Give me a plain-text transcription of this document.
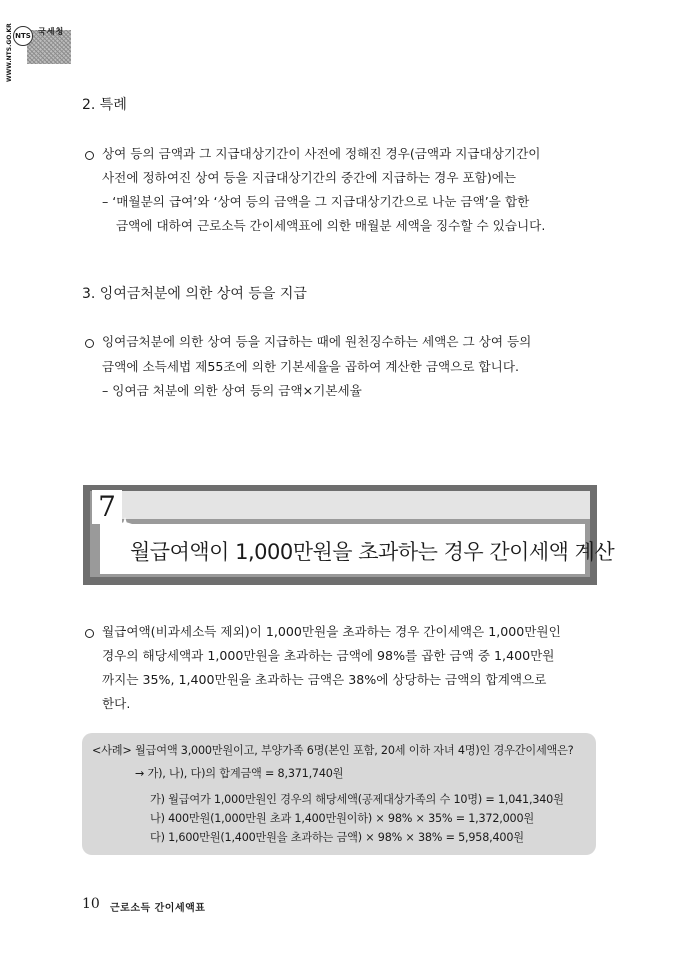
NTS 국세청
WWW.NTS.GO.KR
2. 특례
상여 등의 금액과 그 지급대상기간이 사전에 정해진 경우(금액과 지급대상기간이
사전에 정하여진 상여 등을 지급대상기간의 중간에 지급하는 경우 포함)에는
– ‘매월분의 급여’와 ‘상여 등의 금액을 그 지급대상기간으로 나눈 금액’을 합한
금액에 대하여 근로소득 간이세액표에 의한 매월분 세액을 징수할 수 있습니다.
3. 잉여금처분에 의한 상여 등을 지급
잉여금처분에 의한 상여 등을 지급하는 때에 원천징수하는 세액은 그 상여 등의
금액에 소득세법 제55조에 의한 기본세율을 곱하여 계산한 금액으로 합니다.
– 잉여금 처분에 의한 상여 등의 금액×기본세율
7
월급여액이 1,000만원을 초과하는 경우 간이세액 계산
월급여액(비과세소득 제외)이 1,000만원을 초과하는 경우 간이세액은 1,000만원인
경우의 해당세액과 1,000만원을 초과하는 금액에 98%를 곱한 금액 중 1,400만원
까지는 35%, 1,400만원을 초과하는 금액은 38%에 상당하는 금액의 합계액으로
한다.
<사례> 월급여액 3,000만원이고, 부양가족 6명(본인 포함, 20세 이하 자녀 4명)인 경우간이세액은?
→ 가), 나), 다)의 합계금액 = 8,371,740원
가) 월급여가 1,000만원인 경우의 해당세액(공제대상가족의 수 10명) = 1,041,340원
나) 400만원(1,000만원 초과 1,400만원이하) × 98% × 35% = 1,372,000원
다) 1,600만원(1,400만원을 초과하는 금액) × 98% × 38% = 5,958,400원
10 근로소득 간이세액표
